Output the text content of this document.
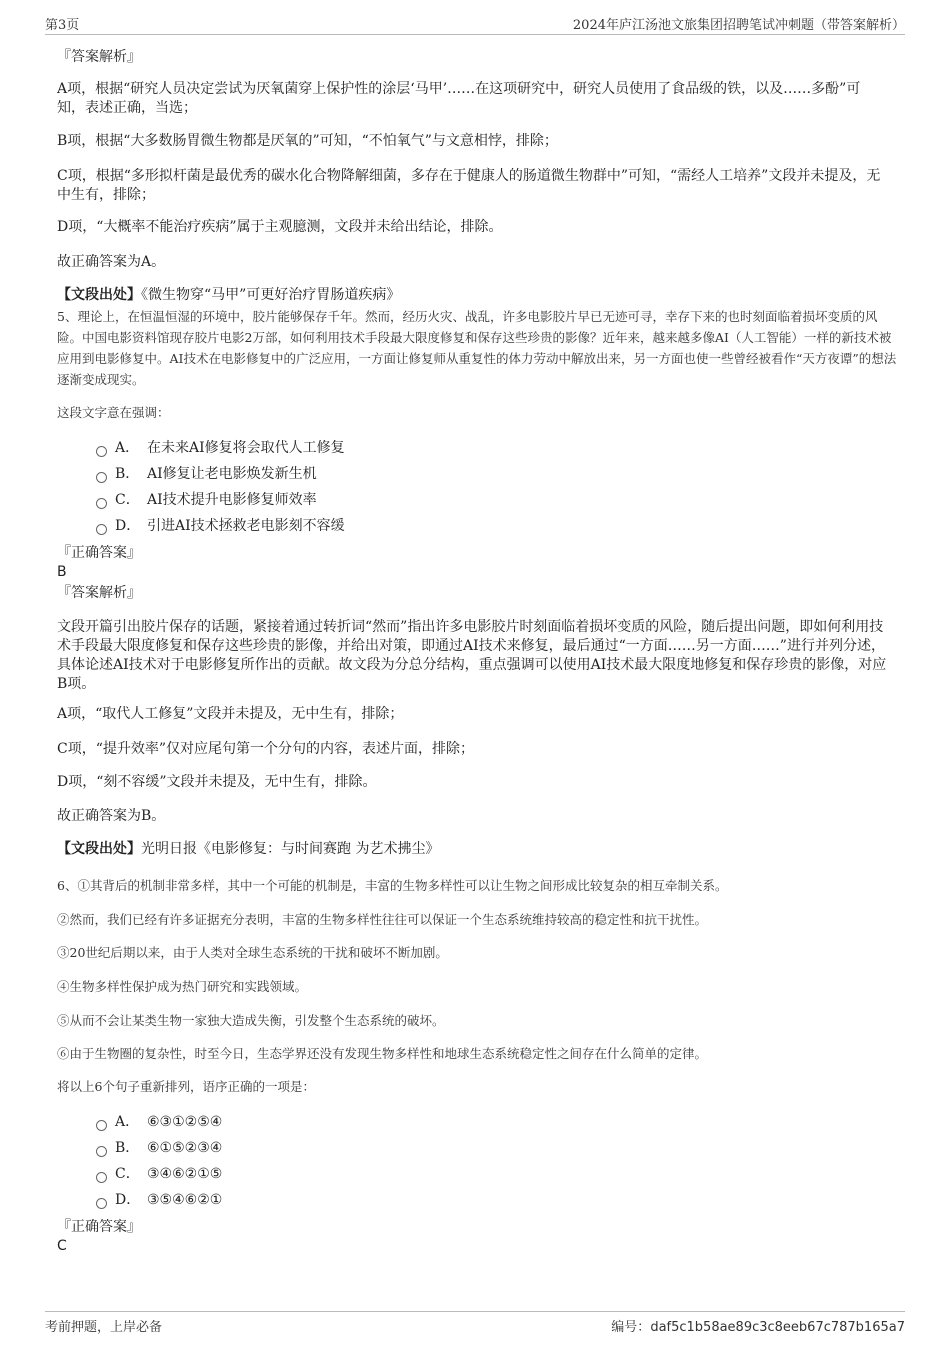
第3页	2024年庐江汤池文旅集团招聘笔试冲刺题（带答案解析）
『答案解析』
A项，根据“研究人员决定尝试为厌氧菌穿上保护性的涂层‘马甲’……在这项研究中，研究人员使用了食品级的铁，以及……多酚”可知，表述正确，当选；
B项，根据“大多数肠胃微生物都是厌氧的”可知，“不怕氧气”与文意相悖，排除；
C项，根据“多形拟杆菌是最优秀的碳水化合物降解细菌，多存在于健康人的肠道微生物群中”可知，“需经人工培养”文段并未提及，无中生有，排除；
D项，“大概率不能治疗疾病”属于主观臆测，文段并未给出结论，排除。
故正确答案为A。
【文段出处】《微生物穿“马甲”可更好治疗胃肠道疾病》
5、理论上，在恒温恒湿的环境中，胶片能够保存千年。然而，经历火灾、战乱，许多电影胶片早已无迹可寻，幸存下来的也时刻面临着损坏变质的风险。中国电影资料馆现存胶片电影2万部，如何利用技术手段最大限度修复和保存这些珍贵的影像？近年来，越来越多像AI（人工智能）一样的新技术被应用到电影修复中。AI技术在电影修复中的广泛应用，一方面让修复师从重复性的体力劳动中解放出来，另一方面也使一些曾经被看作“天方夜谭”的想法逐渐变成现实。
这段文字意在强调：
A． 在未来AI修复将会取代人工修复
B． AI修复让老电影焕发新生机
C． AI技术提升电影修复师效率
D． 引进AI技术拯救老电影刻不容缓
『正确答案』
B
『答案解析』
文段开篇引出胶片保存的话题，紧接着通过转折词“然而”指出许多电影胶片时刻面临着损坏变质的风险，随后提出问题，即如何利用技术手段最大限度修复和保存这些珍贵的影像，并给出对策，即通过AI技术来修复，最后通过“一方面……另一方面……”进行并列分述，具体论述AI技术对于电影修复所作出的贡献。故文段为分总分结构，重点强调可以使用AI技术最大限度地修复和保存珍贵的影像，对应B项。
A项，“取代人工修复”文段并未提及，无中生有，排除；
C项，“提升效率”仅对应尾句第一个分句的内容，表述片面，排除；
D项，“刻不容缓”文段并未提及，无中生有，排除。
故正确答案为B。
【文段出处】光明日报《电影修复：与时间赛跑 为艺术拂尘》
6、①其背后的机制非常多样，其中一个可能的机制是，丰富的生物多样性可以让生物之间形成比较复杂的相互牵制关系。
②然而，我们已经有许多证据充分表明，丰富的生物多样性往往可以保证一个生态系统维持较高的稳定性和抗干扰性。
③20世纪后期以来，由于人类对全球生态系统的干扰和破坏不断加剧。
④生物多样性保护成为热门研究和实践领域。
⑤从而不会让某类生物一家独大造成失衡，引发整个生态系统的破坏。
⑥由于生物圈的复杂性，时至今日，生态学界还没有发现生物多样性和地球生态系统稳定性之间存在什么简单的定律。
将以上6个句子重新排列，语序正确的一项是：
A． ⑥③①②⑤④
B． ⑥①⑤②③④
C． ③④⑥②①⑤
D． ③⑤④⑥②①
『正确答案』
C
考前押题，上岸必备	编号：daf5c1b58ae89c3c8eeb67c787b165a7
